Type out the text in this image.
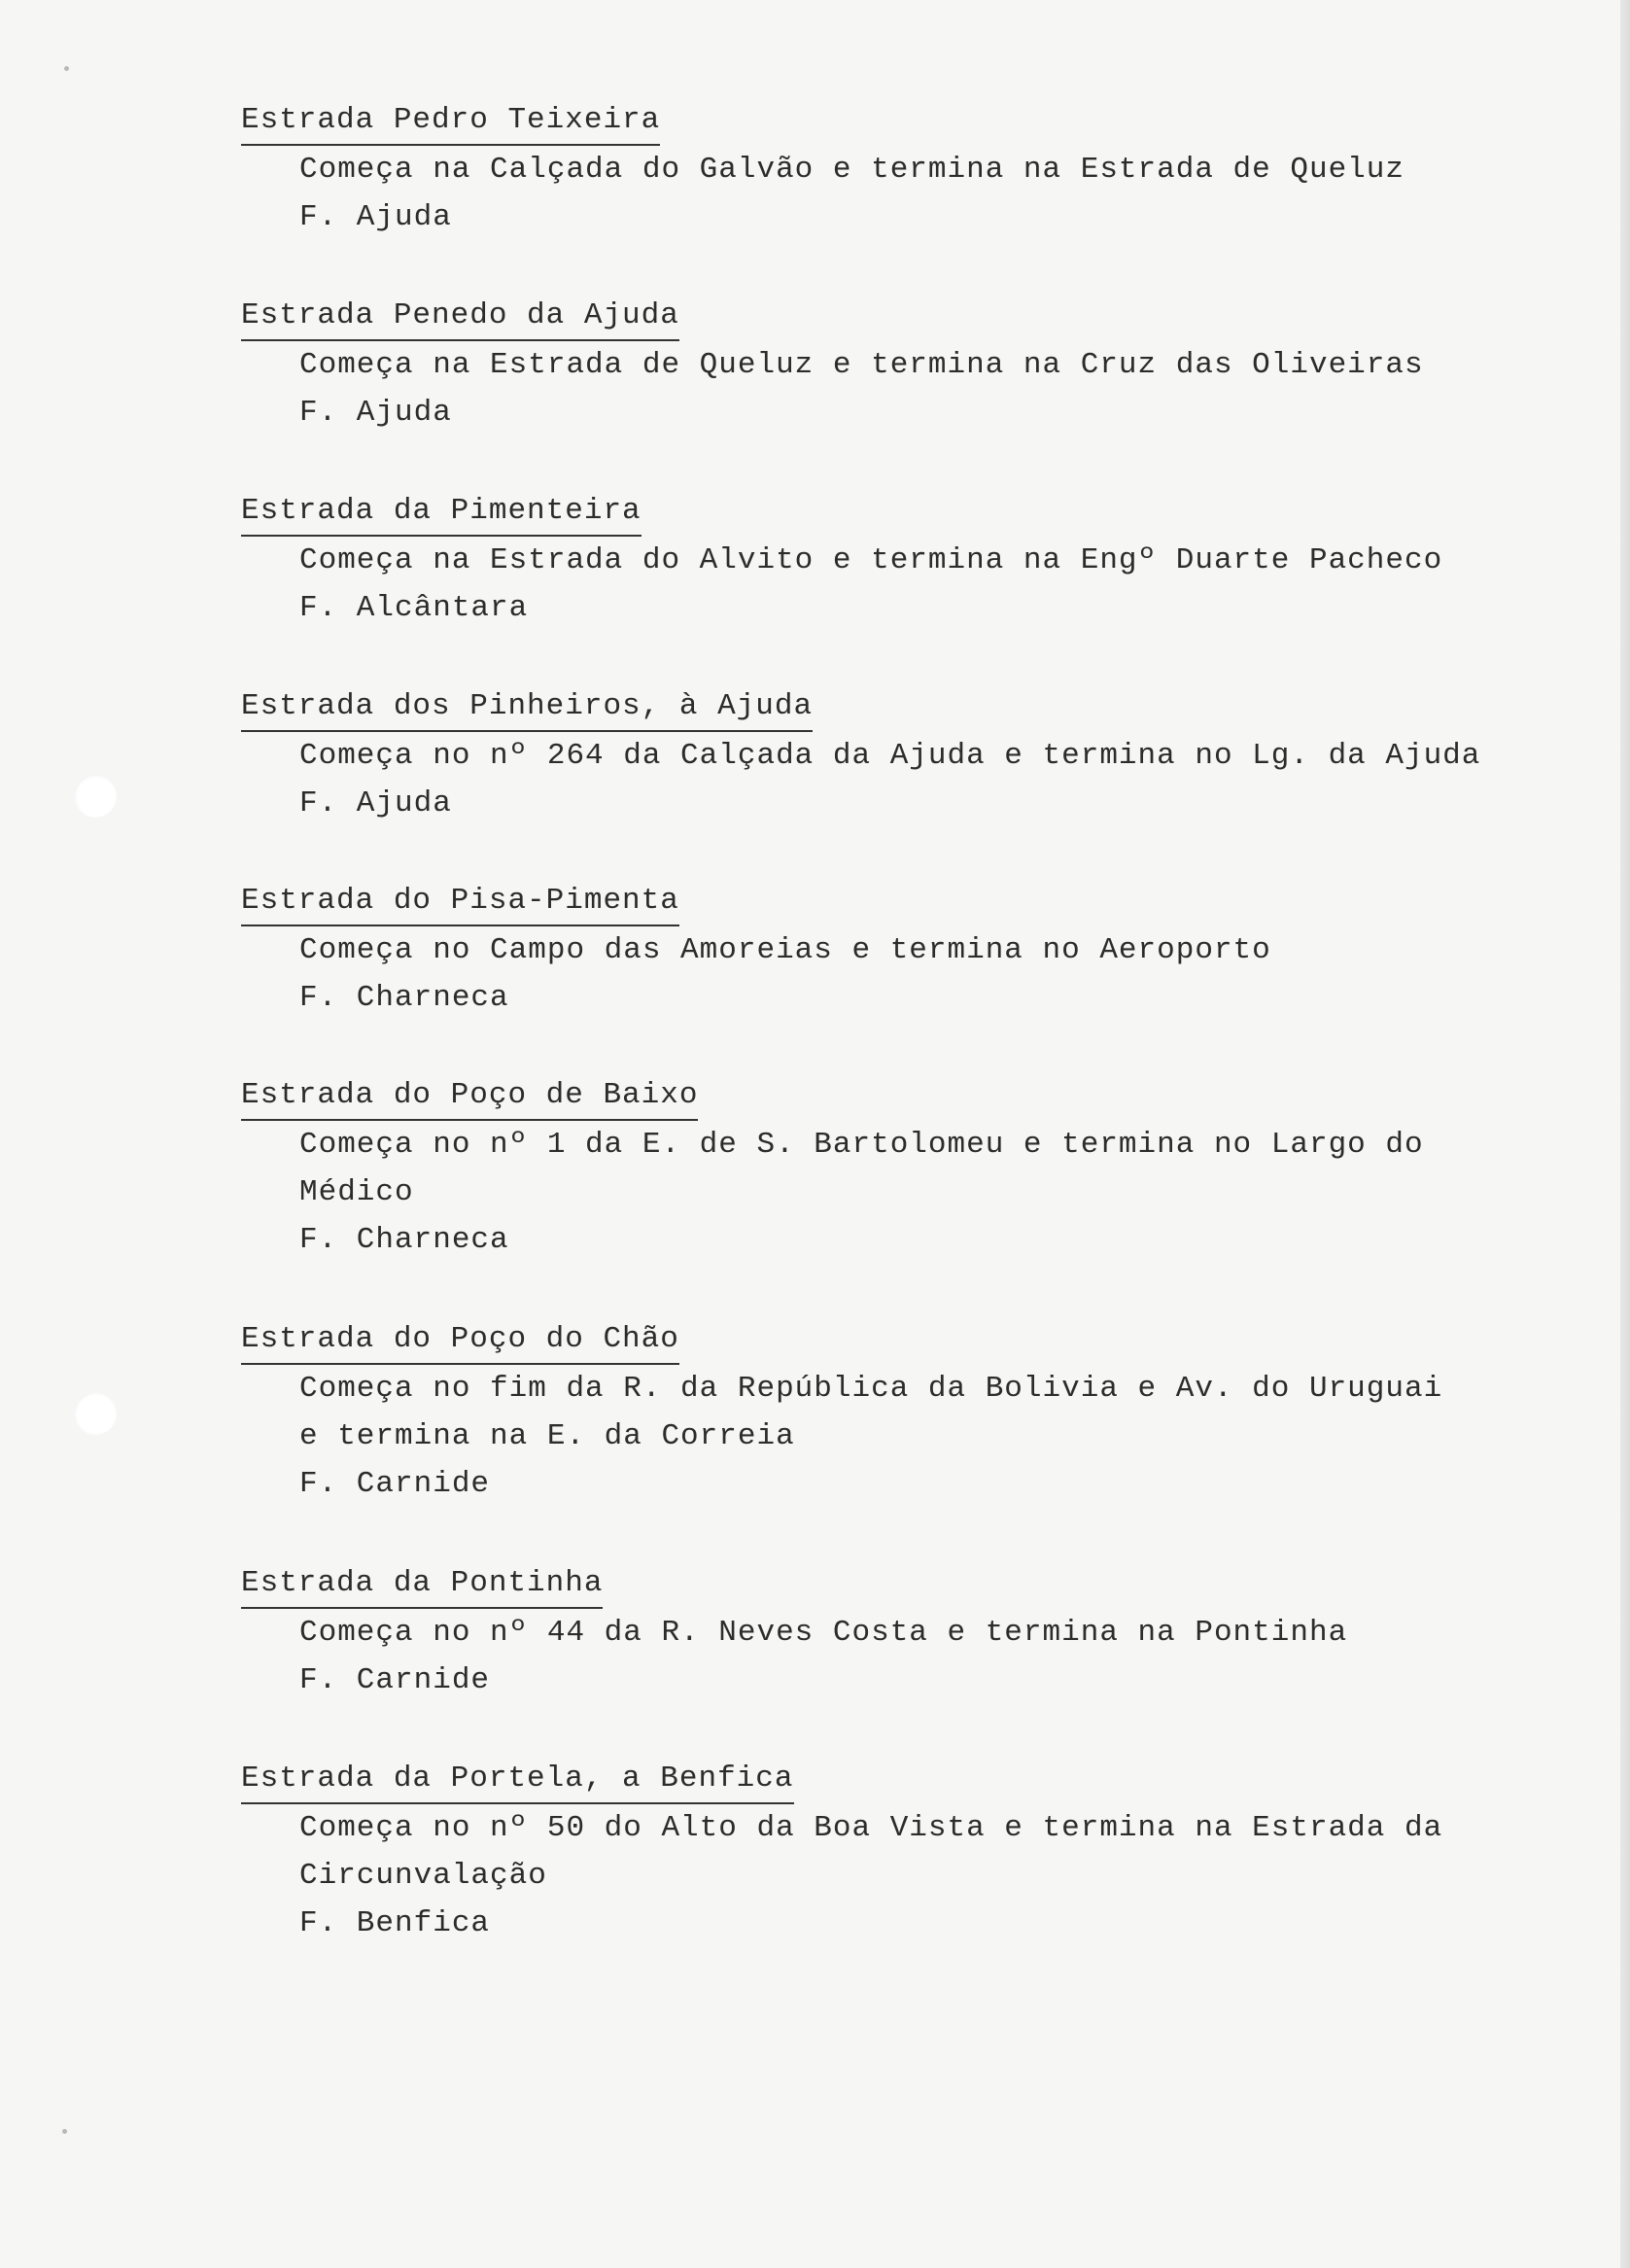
Estrada Pedro Teixeira
Começa na Calçada do Galvão e termina na Estrada de Queluz
F. Ajuda
Estrada Penedo da Ajuda
Começa na Estrada de Queluz e termina na Cruz das Oliveiras
F. Ajuda
Estrada da Pimenteira
Começa na Estrada do Alvito e termina na Engº Duarte Pacheco
F. Alcântara
Estrada dos Pinheiros, à Ajuda
Começa no nº 264 da Calçada da Ajuda e termina no Lg. da Ajuda
F. Ajuda
Estrada do Pisa-Pimenta
Começa no Campo das Amoreias e termina no Aeroporto
F. Charneca
Estrada do Poço de Baixo
Começa no nº 1 da E. de S. Bartolomeu e termina no Largo do
Médico
F. Charneca
Estrada do Poço do Chão
Começa no fim da R. da República da Bolivia e Av. do Uruguai
e termina na E. da Correia
F. Carnide
Estrada da Pontinha
Começa no nº 44 da R. Neves Costa e termina na Pontinha
F. Carnide
Estrada da Portela, a Benfica
Começa no nº 50 do Alto da Boa Vista e termina na Estrada da
Circunvalação
F. Benfica
